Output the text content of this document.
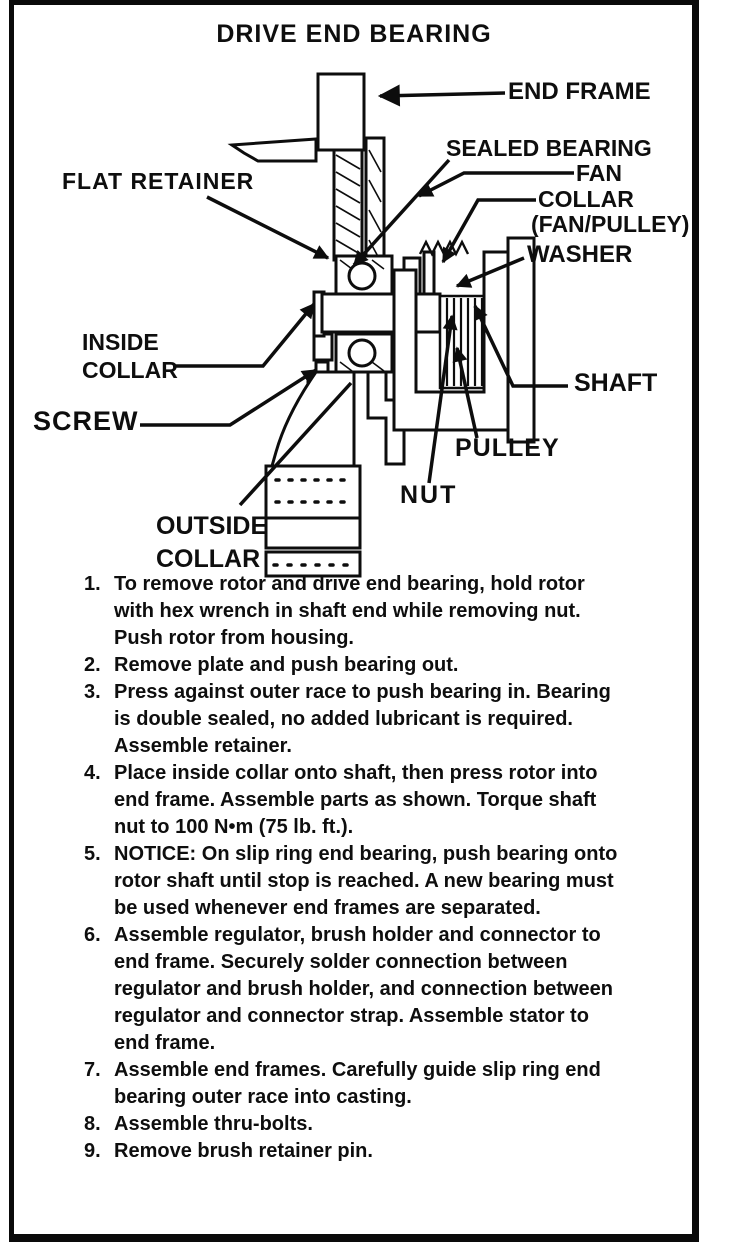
DRIVE END BEARING
END FRAME
SEALED BEARING
FAN
COLLAR
(FAN/PULLEY)
WASHER
FLAT RETAINER
INSIDE
COLLAR
SCREW
SHAFT
PULLEY
NUT
OUTSIDE
COLLAR
1. To remove rotor and drive end bearing, hold rotor with hex wrench in shaft end while removing nut. Push rotor from housing.
2. Remove plate and push bearing out.
3. Press against outer race to push bearing in. Bearing is double sealed, no added lubricant is required. Assemble retainer.
4. Place inside collar onto shaft, then press rotor into end frame. Assemble parts as shown. Torque shaft nut to 100 N•m (75 lb. ft.).
5. NOTICE: On slip ring end bearing, push bearing onto rotor shaft until stop is reached. A new bearing must be used whenever end frames are separated.
6. Assemble regulator, brush holder and connector to end frame. Securely solder connection between regulator and brush holder, and connection between regulator and connector strap. Assemble stator to end frame.
7. Assemble end frames. Carefully guide slip ring end bearing outer race into casting.
8. Assemble thru-bolts.
9. Remove brush retainer pin.
